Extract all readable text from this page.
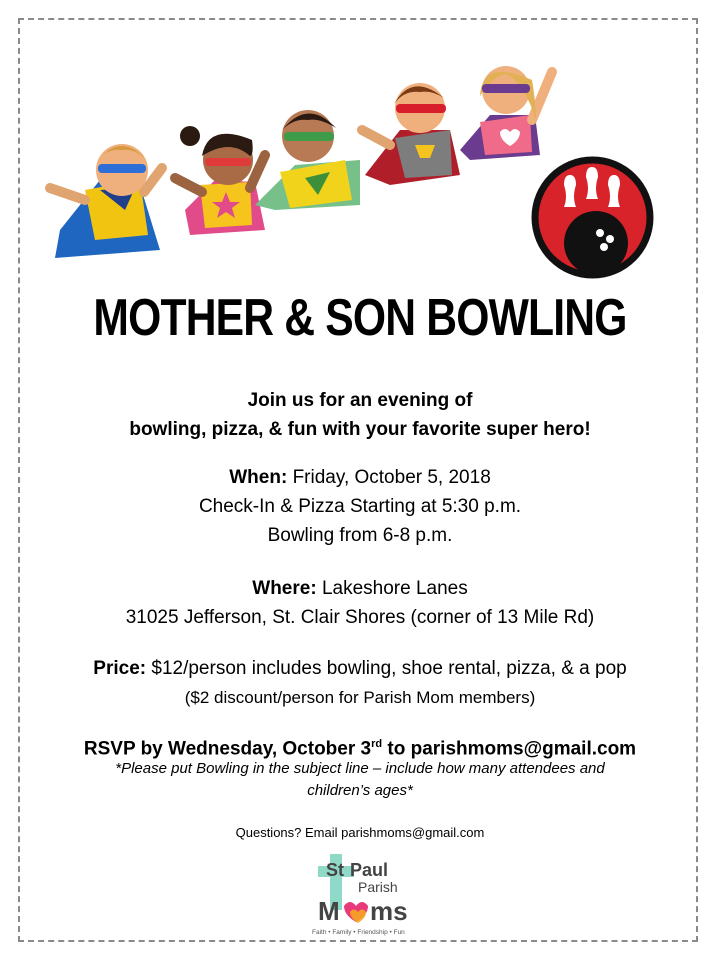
MOTHER & SON BOWLING
Join us for an evening of
bowling, pizza, & fun with your favorite super hero!
When: Friday, October 5, 2018
Check-In & Pizza Starting at 5:30 p.m.
Bowling from 6-8 p.m.
Where: Lakeshore Lanes
31025 Jefferson, St. Clair Shores (corner of 13 Mile Rd)
Price: $12/person includes bowling, shoe rental, pizza, & a pop
($2 discount/person for Parish Mom members)
RSVP by Wednesday, October 3rd to parishmoms@gmail.com
*Please put Bowling in the subject line – include how many attendees and
children’s ages*
Questions? Email parishmoms@gmail.com
St Paul
Parish
M ms
Faith • Family • Friendship • Fun
